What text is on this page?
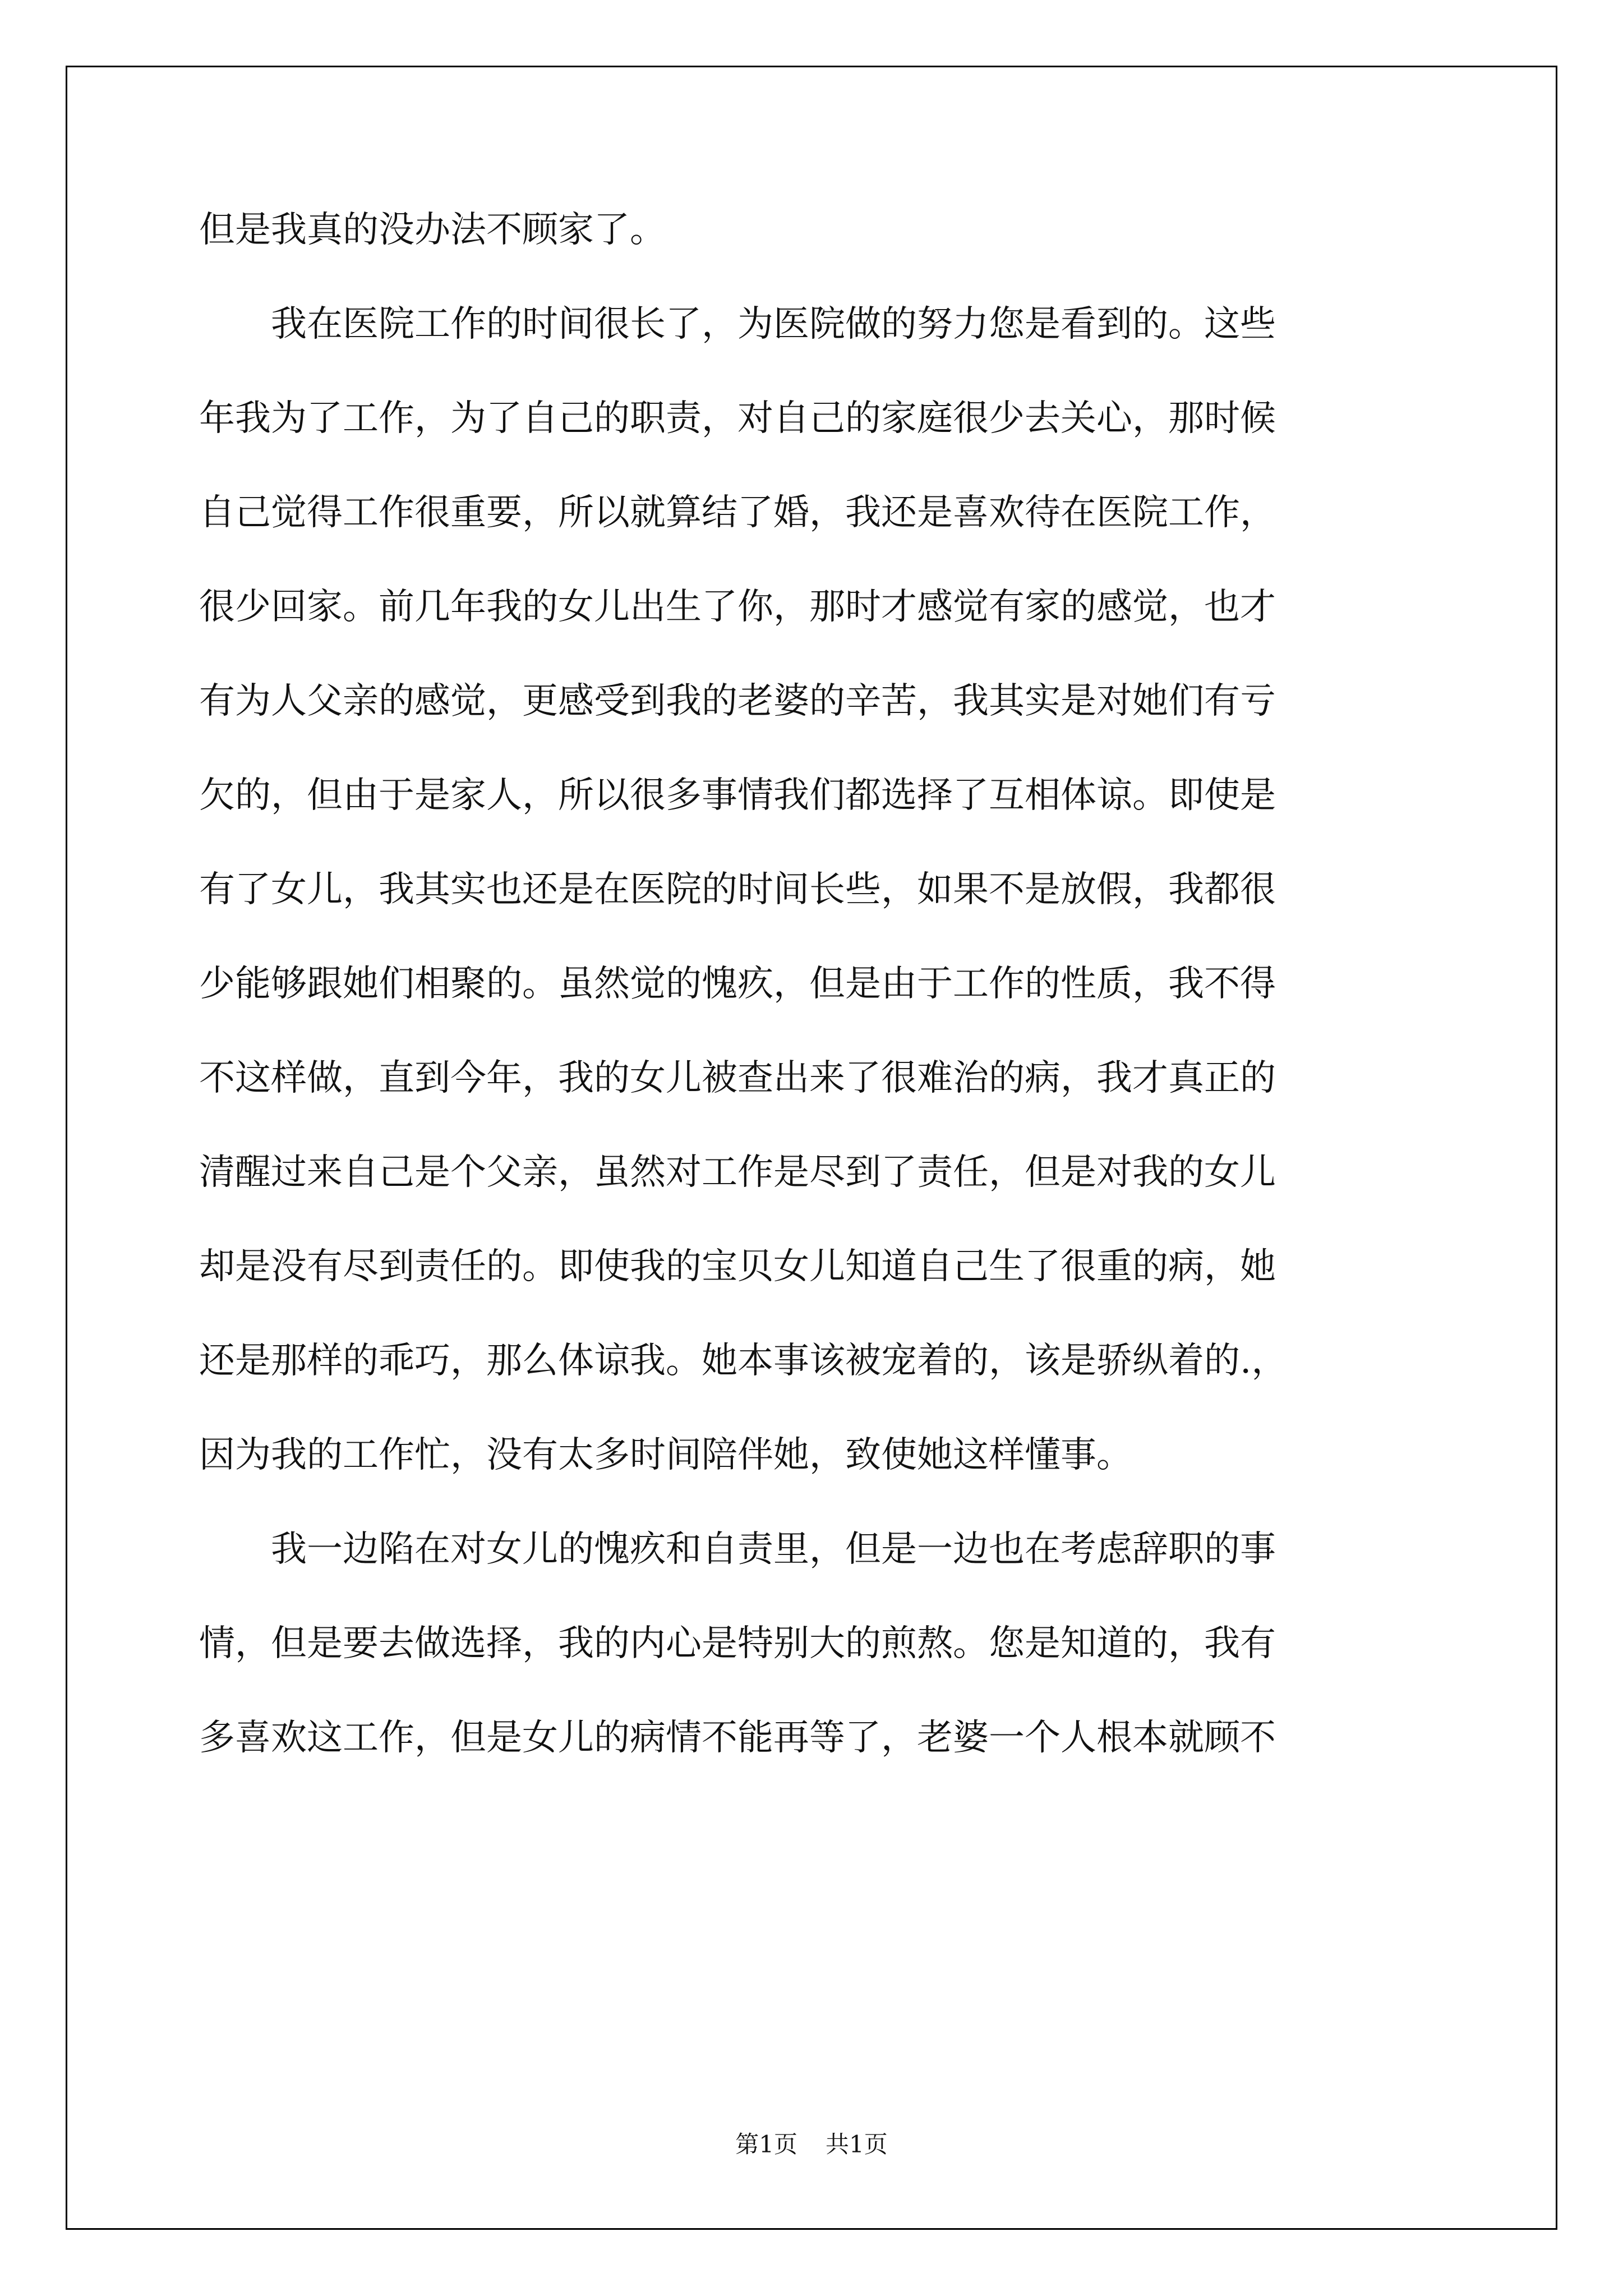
但是我真的没办法不顾家了。
我在医院工作的时间很长了，为医院做的努力您是看到的。这些
年我为了工作，为了自己的职责，对自己的家庭很少去关心，那时候
自己觉得工作很重要，所以就算结了婚，我还是喜欢待在医院工作，
很少回家。前几年我的女儿出生了你，那时才感觉有家的感觉，也才
有为人父亲的感觉，更感受到我的老婆的辛苦，我其实是对她们有亏
欠的，但由于是家人，所以很多事情我们都选择了互相体谅。即使是
有了女儿，我其实也还是在医院的时间长些，如果不是放假，我都很
少能够跟她们相聚的。虽然觉的愧疚，但是由于工作的性质，我不得
不这样做，直到今年，我的女儿被查出来了很难治的病，我才真正的
清醒过来自己是个父亲，虽然对工作是尽到了责任，但是对我的女儿
却是没有尽到责任的。即使我的宝贝女儿知道自己生了很重的病，她
还是那样的乖巧，那么体谅我。她本事该被宠着的，该是骄纵着的.，
因为我的工作忙，没有太多时间陪伴她，致使她这样懂事。
我一边陷在对女儿的愧疚和自责里，但是一边也在考虑辞职的事
情，但是要去做选择，我的内心是特别大的煎熬。您是知道的，我有
多喜欢这工作，但是女儿的病情不能再等了，老婆一个人根本就顾不
第1页 共1页
